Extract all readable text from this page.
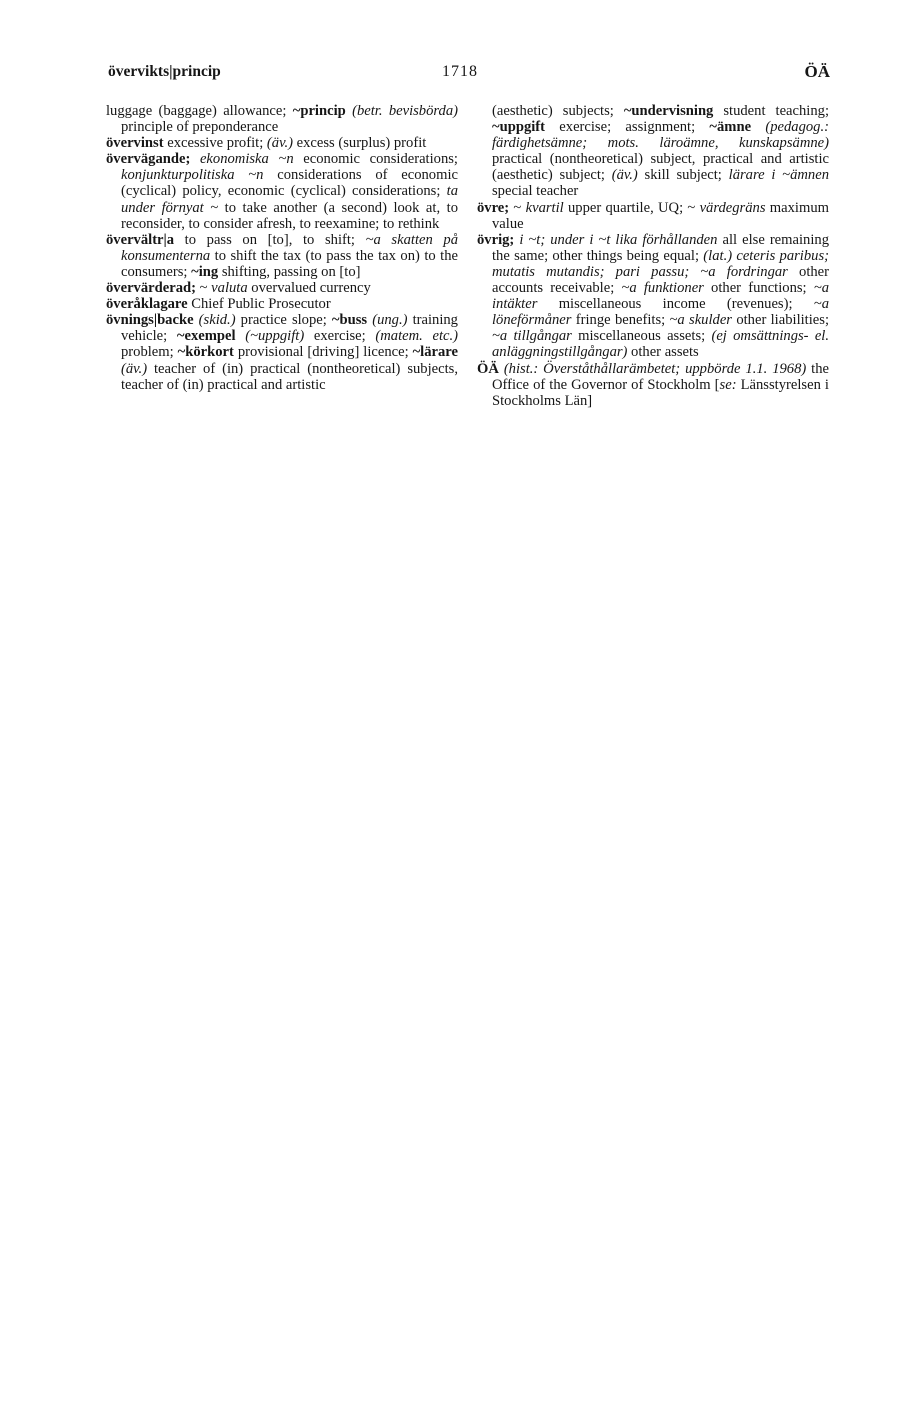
övervikts|princip	1718	ÖÄ

luggage (baggage) allowance; ~princip (betr. bevisbörda) principle of preponderance

övervinst excessive profit; (äv.) excess (surplus) profit

övervägande; ekonomiska ~n economic considerations; konjunkturpolitiska ~n considerations of economic (cyclical) policy, economic (cyclical) considerations; ta under förnyat ~ to take another (a second) look at, to reconsider, to consider afresh, to reexamine; to rethink

övervältr|a to pass on [to], to shift; ~a skatten på konsumenterna to shift the tax (to pass the tax on) to the consumers; ~ing shifting, passing on [to]

övervärderad; ~ valuta overvalued currency

överåklagare Chief Public Prosecutor

övnings|backe (skid.) practice slope; ~buss (ung.) training vehicle; ~exempel (~uppgift) exercise; (matem. etc.) problem; ~körkort provisional [driving] licence; ~lärare (äv.) teacher of (in) practical (nontheoretical) subjects, teacher of (in) practical and artistic

(aesthetic) subjects; ~undervisning student teaching; ~uppgift exercise; assignment; ~ämne (pedagog.: färdighetsämne; mots. läroämne, kunskapsämne) practical (nontheoretical) subject, practical and artistic (aesthetic) subject; (äv.) skill subject; lärare i ~ämnen special teacher

övre; ~ kvartil upper quartile, UQ; ~ värdegräns maximum value

övrig; i ~t; under i ~t lika förhållanden all else remaining the same; other things being equal; (lat.) ceteris paribus; mutatis mutandis; pari passu; ~a fordringar other accounts receivable; ~a funktioner other functions; ~a intäkter miscellaneous income (revenues); ~a löneförmåner fringe benefits; ~a skulder other liabilities; ~a tillgångar miscellaneous assets; (ej omsättnings- el. anläggningstillgångar) other assets

ÖÄ (hist.: Överståthållarämbetet; uppbörde 1.1. 1968) the Office of the Governor of Stockholm [se: Länsstyrelsen i Stockholms Län]
